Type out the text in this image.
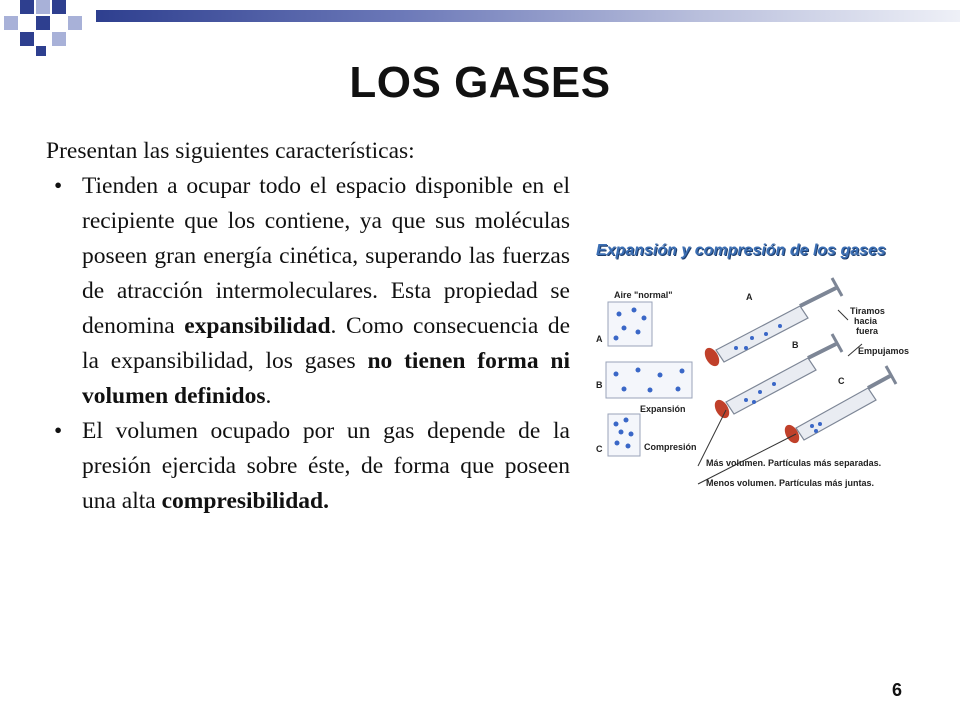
LOS GASES

Presentan las siguientes características:

• Tienden a ocupar todo el espacio disponible en el recipiente que los contiene, ya que sus moléculas poseen gran energía cinética, superando las fuerzas de atracción intermoleculares. Esta propiedad se denomina expansibilidad. Como consecuencia de la expansibilidad, los gases no tienen forma ni volumen definidos.
• El volumen ocupado por un gas depende de la presión ejercida sobre éste, de forma que poseen una alta compresibilidad.
Expansión y compresión de los gases
Aire "normal"
A
B
C
Expansión
Compresión
A
B
C
Tiramos
hacia
fuera
Empujamos
Más volumen. Partículas más separadas.
Menos volumen. Partículas más juntas.
6
